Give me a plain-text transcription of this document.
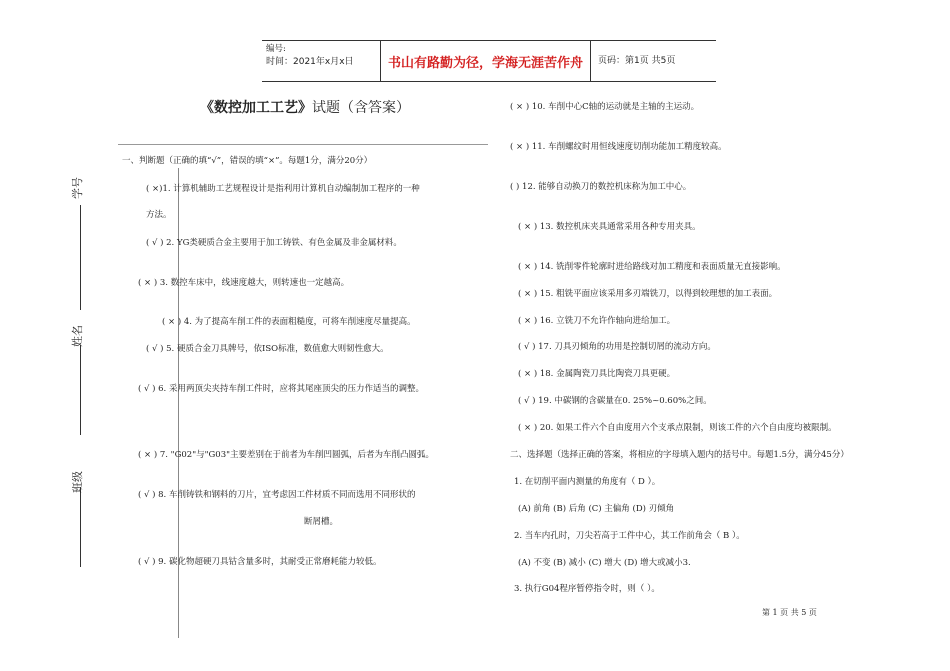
编号:
时间：2021年x月x日	书山有路勤为径，学海无涯苦作舟 页码：第1页 共5页
《数控加工工艺》试题（含答案）
学号
姓名
班级
一、判断题（正确的填“√”，错误的填“×”。每题1分，满分20分）
( ×)1. 计算机辅助工艺规程设计是指利用计算机自动编制加工程序的一种
方法。
( √ ) 2. YG类硬质合金主要用于加工铸铁、有色金属及非金属材料。
( × ) 3. 数控车床中，线速度越大，则转速也一定越高。
( × ) 4. 为了提高车削工件的表面粗糙度，可将车削速度尽量提高。
( √ ) 5. 硬质合金刀具牌号，依ISO标准，数值愈大则韧性愈大。
( √ ) 6. 采用两顶尖夹持车削工件时，应将其尾座顶尖的压力作适当的调整。
( × ) 7. "G02"与"G03"主要差别在于前者为车削凹圆弧，后者为车削凸圆弧。
( √ ) 8. 车削铸铁和钢料的刀片，宜考虑因工件材质不同而选用不同形状的
断屑槽。
( √ ) 9. 碳化物超硬刀具钴含量多时，其耐受正常磨耗能力较低。
( × ) 10. 车削中心C轴的运动就是主轴的主运动。
( × ) 11. 车削螺纹时用恒线速度切削功能加工精度较高。
( ) 12. 能够自动换刀的数控机床称为加工中心。
( × ) 13. 数控机床夹具通常采用各种专用夹具。
( × ) 14. 铣削零件轮廓时进给路线对加工精度和表面质量无直接影响。
( × ) 15. 粗铣平面应该采用多刃端铣刀，以得到较理想的加工表面。
( × ) 16. 立铣刀不允许作轴向进给加工。
( √ ) 17. 刀具刃倾角的功用是控制切屑的流动方向。
( × ) 18. 金属陶瓷刀具比陶瓷刀具更硬。
( √ ) 19. 中碳钢的含碳量在0. 25%~0.60%之间。
( × ) 20. 如果工件六个自由度用六个支承点限制，则该工件的六个自由度均被限制。
二、选择题（选择正确的答案，将相应的字母填入题内的括号中。每题1.5分，满分45分）
1. 在切削平面内测量的角度有（ D ）。
(A) 前角 (B) 后角 (C) 主偏角 (D) 刃倾角
2. 当车内孔时，刀尖若高于工件中心，其工作前角会（ B ）。
(A) 不变 (B) 减小 (C) 增大 (D) 增大或减小3.
3. 执行G04程序暂停指令时，则（ ）。
第 1 页 共 5 页
